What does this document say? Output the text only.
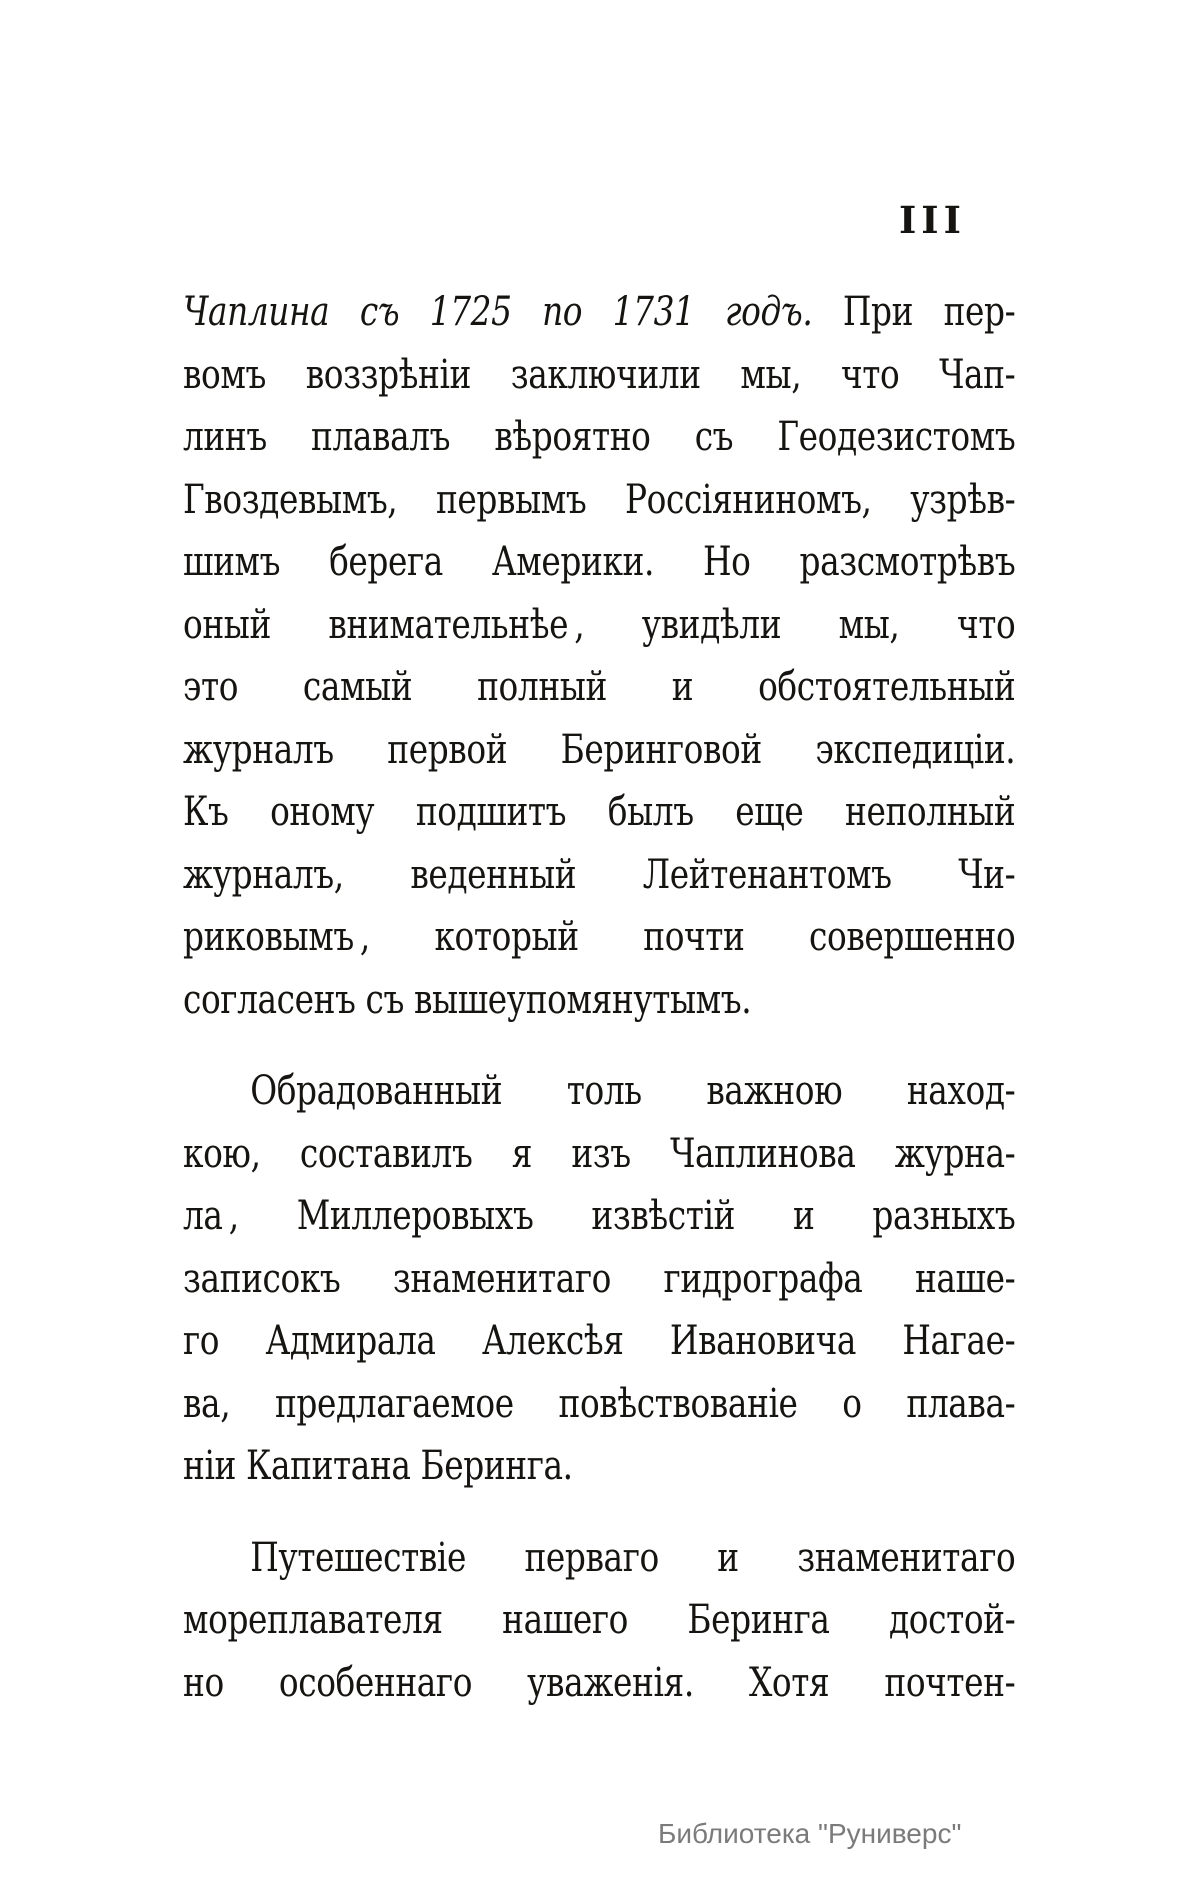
III
Чаплина съ 1725 по 1731 годъ. При пер-
вомъ воззрѣніи заключили мы, что Чап-
линъ плавалъ вѣроятно съ Геодезистомъ
Гвоздевымъ, первымъ Россіяниномъ, узрѣв-
шимъ берега Америки. Но разсмотрѣвъ
оный внимательнѣе , увидѣли мы, что
это самый полный и обстоятельный
журналъ первой Беринговой экспедиціи.
Къ оному подшитъ былъ еще неполный
журналъ, веденный Лейтенантомъ Чи-
риковымъ , который почти совершенно
согласенъ съ вышеупомянутымъ.
Обрадованный толь важною наход-
кою, составилъ я изъ Чаплинова журна-
ла , Миллеровыхъ извѣстій и разныхъ
записокъ знаменитаго гидрографа наше-
го Адмирала Алексѣя Ивановича Нагае-
ва, предлагаемое повѣствованіе о плава-
ніи Капитана Беринга.
Путешествіе перваго и знаменитаго
мореплавателя нашего Беринга достой-
но особеннаго уваженія. Хотя почтен-
Библиотека "Руниверс"
